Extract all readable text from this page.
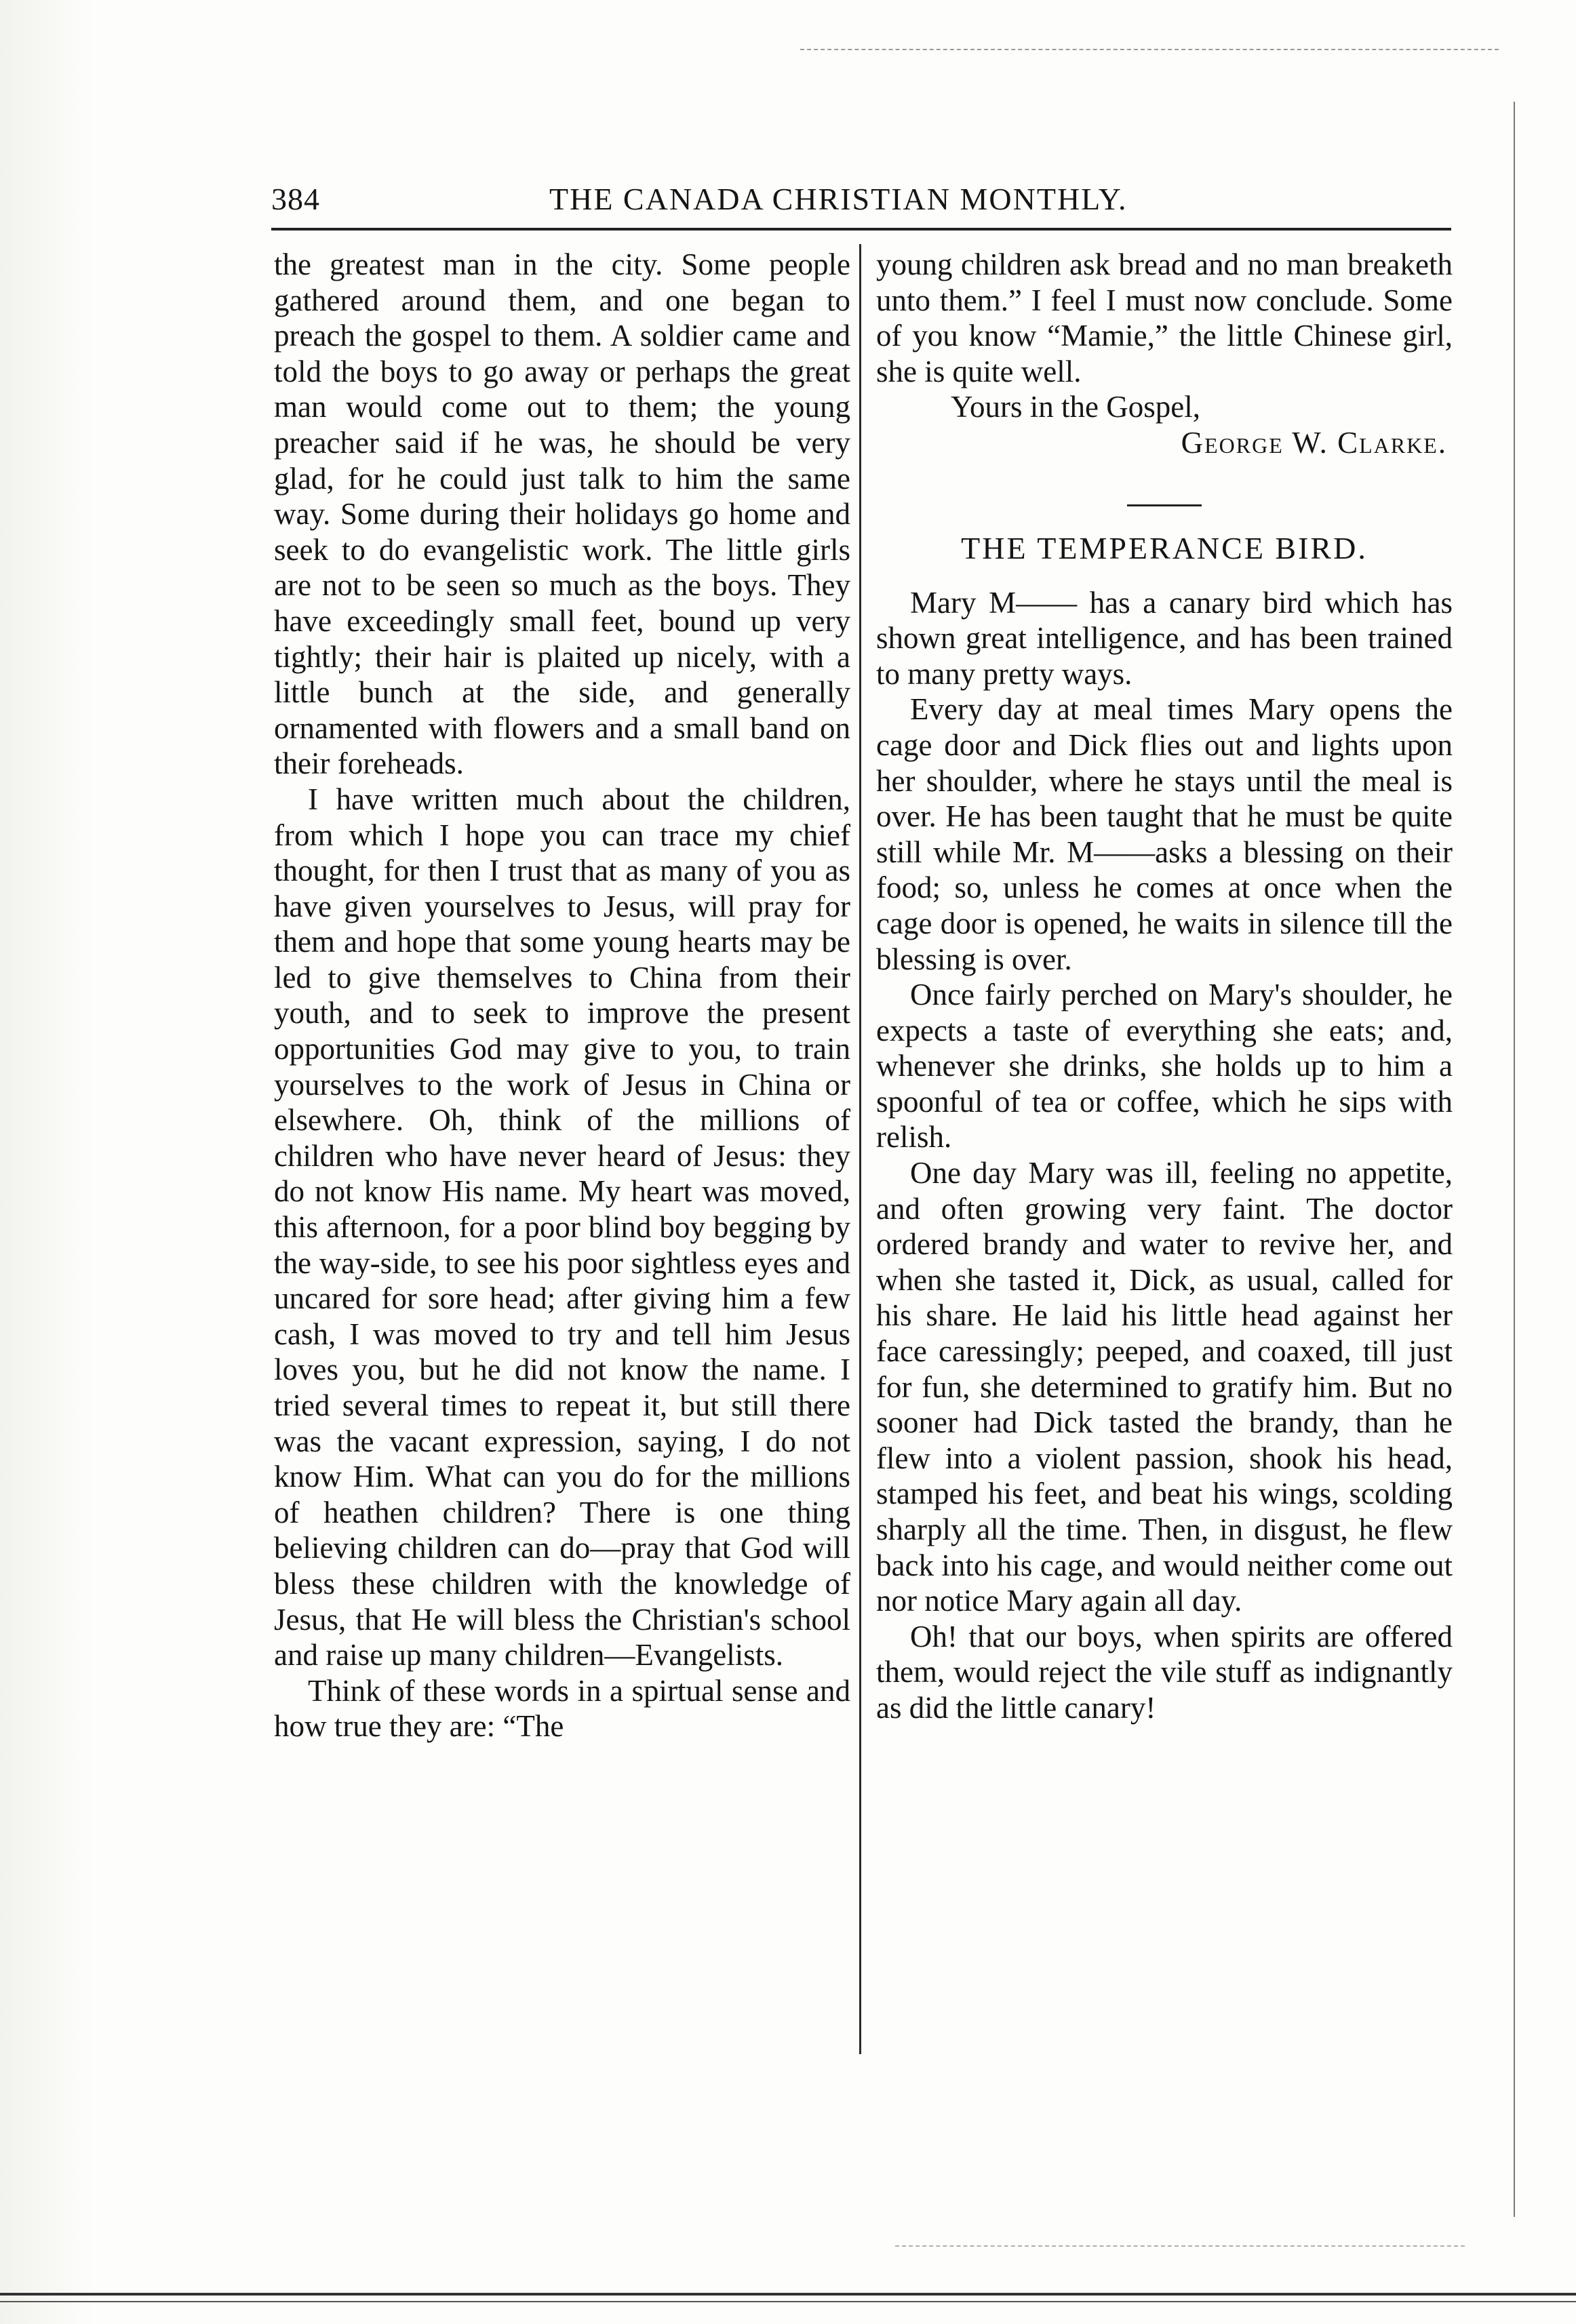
384	THE CANADA CHRISTIAN MONTHLY.

the greatest man in the city. Some people gathered around them, and one began to preach the gospel to them. A soldier came and told the boys to go away or perhaps the great man would come out to them; the young preacher said if he was, he should be very glad, for he could just talk to him the same way. Some during their holidays go home and seek to do evangelistic work. The little girls are not to be seen so much as the boys. They have exceedingly small feet, bound up very tightly; their hair is plaited up nicely, with a little bunch at the side, and generally ornamented with flowers and a small band on their foreheads.

I have written much about the children, from which I hope you can trace my chief thought, for then I trust that as many of you as have given yourselves to Jesus, will pray for them and hope that some young hearts may be led to give themselves to China from their youth, and to seek to improve the present opportunities God may give to you, to train yourselves to the work of Jesus in China or elsewhere. Oh, think of the millions of children who have never heard of Jesus: they do not know His name. My heart was moved, this afternoon, for a poor blind boy begging by the way-side, to see his poor sightless eyes and uncared for sore head; after giving him a few cash, I was moved to try and tell him Jesus loves you, but he did not know the name. I tried several times to repeat it, but still there was the vacant expression, saying, I do not know Him. What can you do for the millions of heathen children? There is one thing believing children can do—pray that God will bless these children with the knowledge of Jesus, that He will bless the Christian's school and raise up many children—Evangelists.

Think of these words in a spirtual sense and how true they are: “The

young children ask bread and no man breaketh unto them.” I feel I must now conclude. Some of you know “Mamie,” the little Chinese girl, she is quite well.

Yours in the Gospel,

George W. Clarke.

THE TEMPERANCE BIRD.

Mary M—— has a canary bird which has shown great intelligence, and has been trained to many pretty ways.

Every day at meal times Mary opens the cage door and Dick flies out and lights upon her shoulder, where he stays until the meal is over. He has been taught that he must be quite still while Mr. M——asks a blessing on their food; so, unless he comes at once when the cage door is opened, he waits in silence till the blessing is over.

Once fairly perched on Mary's shoulder, he expects a taste of everything she eats; and, whenever she drinks, she holds up to him a spoonful of tea or coffee, which he sips with relish.

One day Mary was ill, feeling no appetite, and often growing very faint. The doctor ordered brandy and water to revive her, and when she tasted it, Dick, as usual, called for his share. He laid his little head against her face caressingly; peeped, and coaxed, till just for fun, she determined to gratify him. But no sooner had Dick tasted the brandy, than he flew into a violent passion, shook his head, stamped his feet, and beat his wings, scolding sharply all the time. Then, in disgust, he flew back into his cage, and would neither come out nor notice Mary again all day.

Oh! that our boys, when spirits are offered them, would reject the vile stuff as indignantly as did the little canary!
